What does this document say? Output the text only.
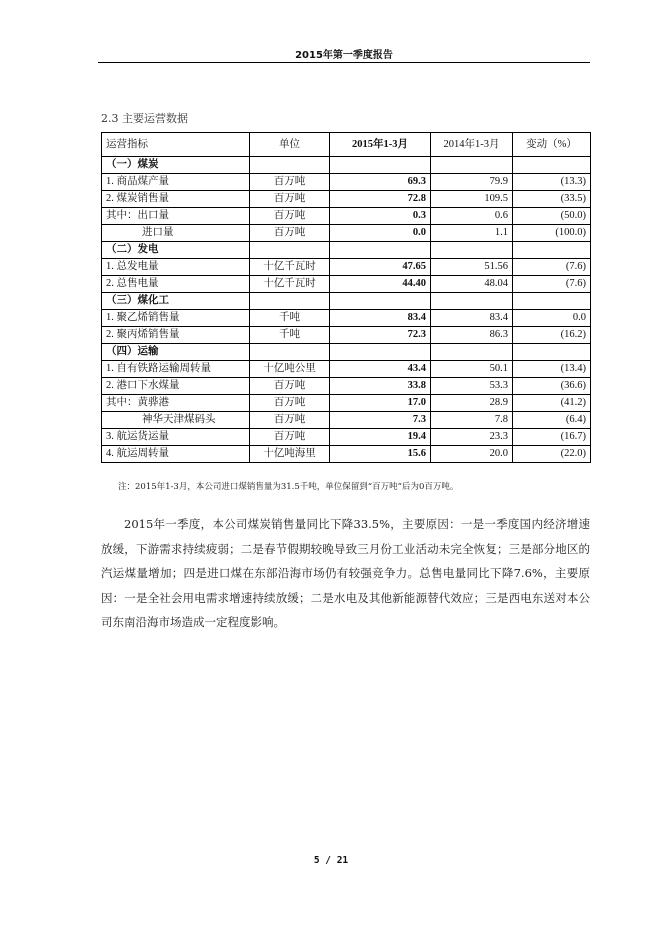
2015年第一季度报告
2.3 主要运营数据
运营指标	单位	2015年1-3月	2014年1-3月	变动（%）
（一）煤炭				
1. 商品煤产量	百万吨	69.3	79.9	(13.3)
2. 煤炭销售量	百万吨	72.8	109.5	(33.5)
其中：出口量	百万吨	0.3	0.6	(50.0)
进口量	百万吨	0.0	1.1	(100.0)
（二）发电				
1. 总发电量	十亿千瓦时	47.65	51.56	(7.6)
2. 总售电量	十亿千瓦时	44.40	48.04	(7.6)
（三）煤化工				
1. 聚乙烯销售量	千吨	83.4	83.4	0.0
2. 聚丙烯销售量	千吨	72.3	86.3	(16.2)
（四）运输				
1. 自有铁路运输周转量	十亿吨公里	43.4	50.1	(13.4)
2. 港口下水煤量	百万吨	33.8	53.3	(36.6)
其中：黄骅港	百万吨	17.0	28.9	(41.2)
神华天津煤码头	百万吨	7.3	7.8	(6.4)
3. 航运货运量	百万吨	19.4	23.3	(16.7)
4. 航运周转量	十亿吨海里	15.6	20.0	(22.0)
注：2015年1-3月，本公司进口煤销售量为31.5千吨，单位保留到“百万吨”后为0百万吨。
2015年一季度，本公司煤炭销售量同比下降33.5%，主要原因：一是一季度国内经济增速放缓，下游需求持续疲弱；二是春节假期较晚导致三月份工业活动未完全恢复；三是部分地区的汽运煤量增加；四是进口煤在东部沿海市场仍有较强竞争力。总售电量同比下降7.6%，主要原因：一是全社会用电需求增速持续放缓；二是水电及其他新能源替代效应；三是西电东送对本公司东南沿海市场造成一定程度影响。
5 / 21
